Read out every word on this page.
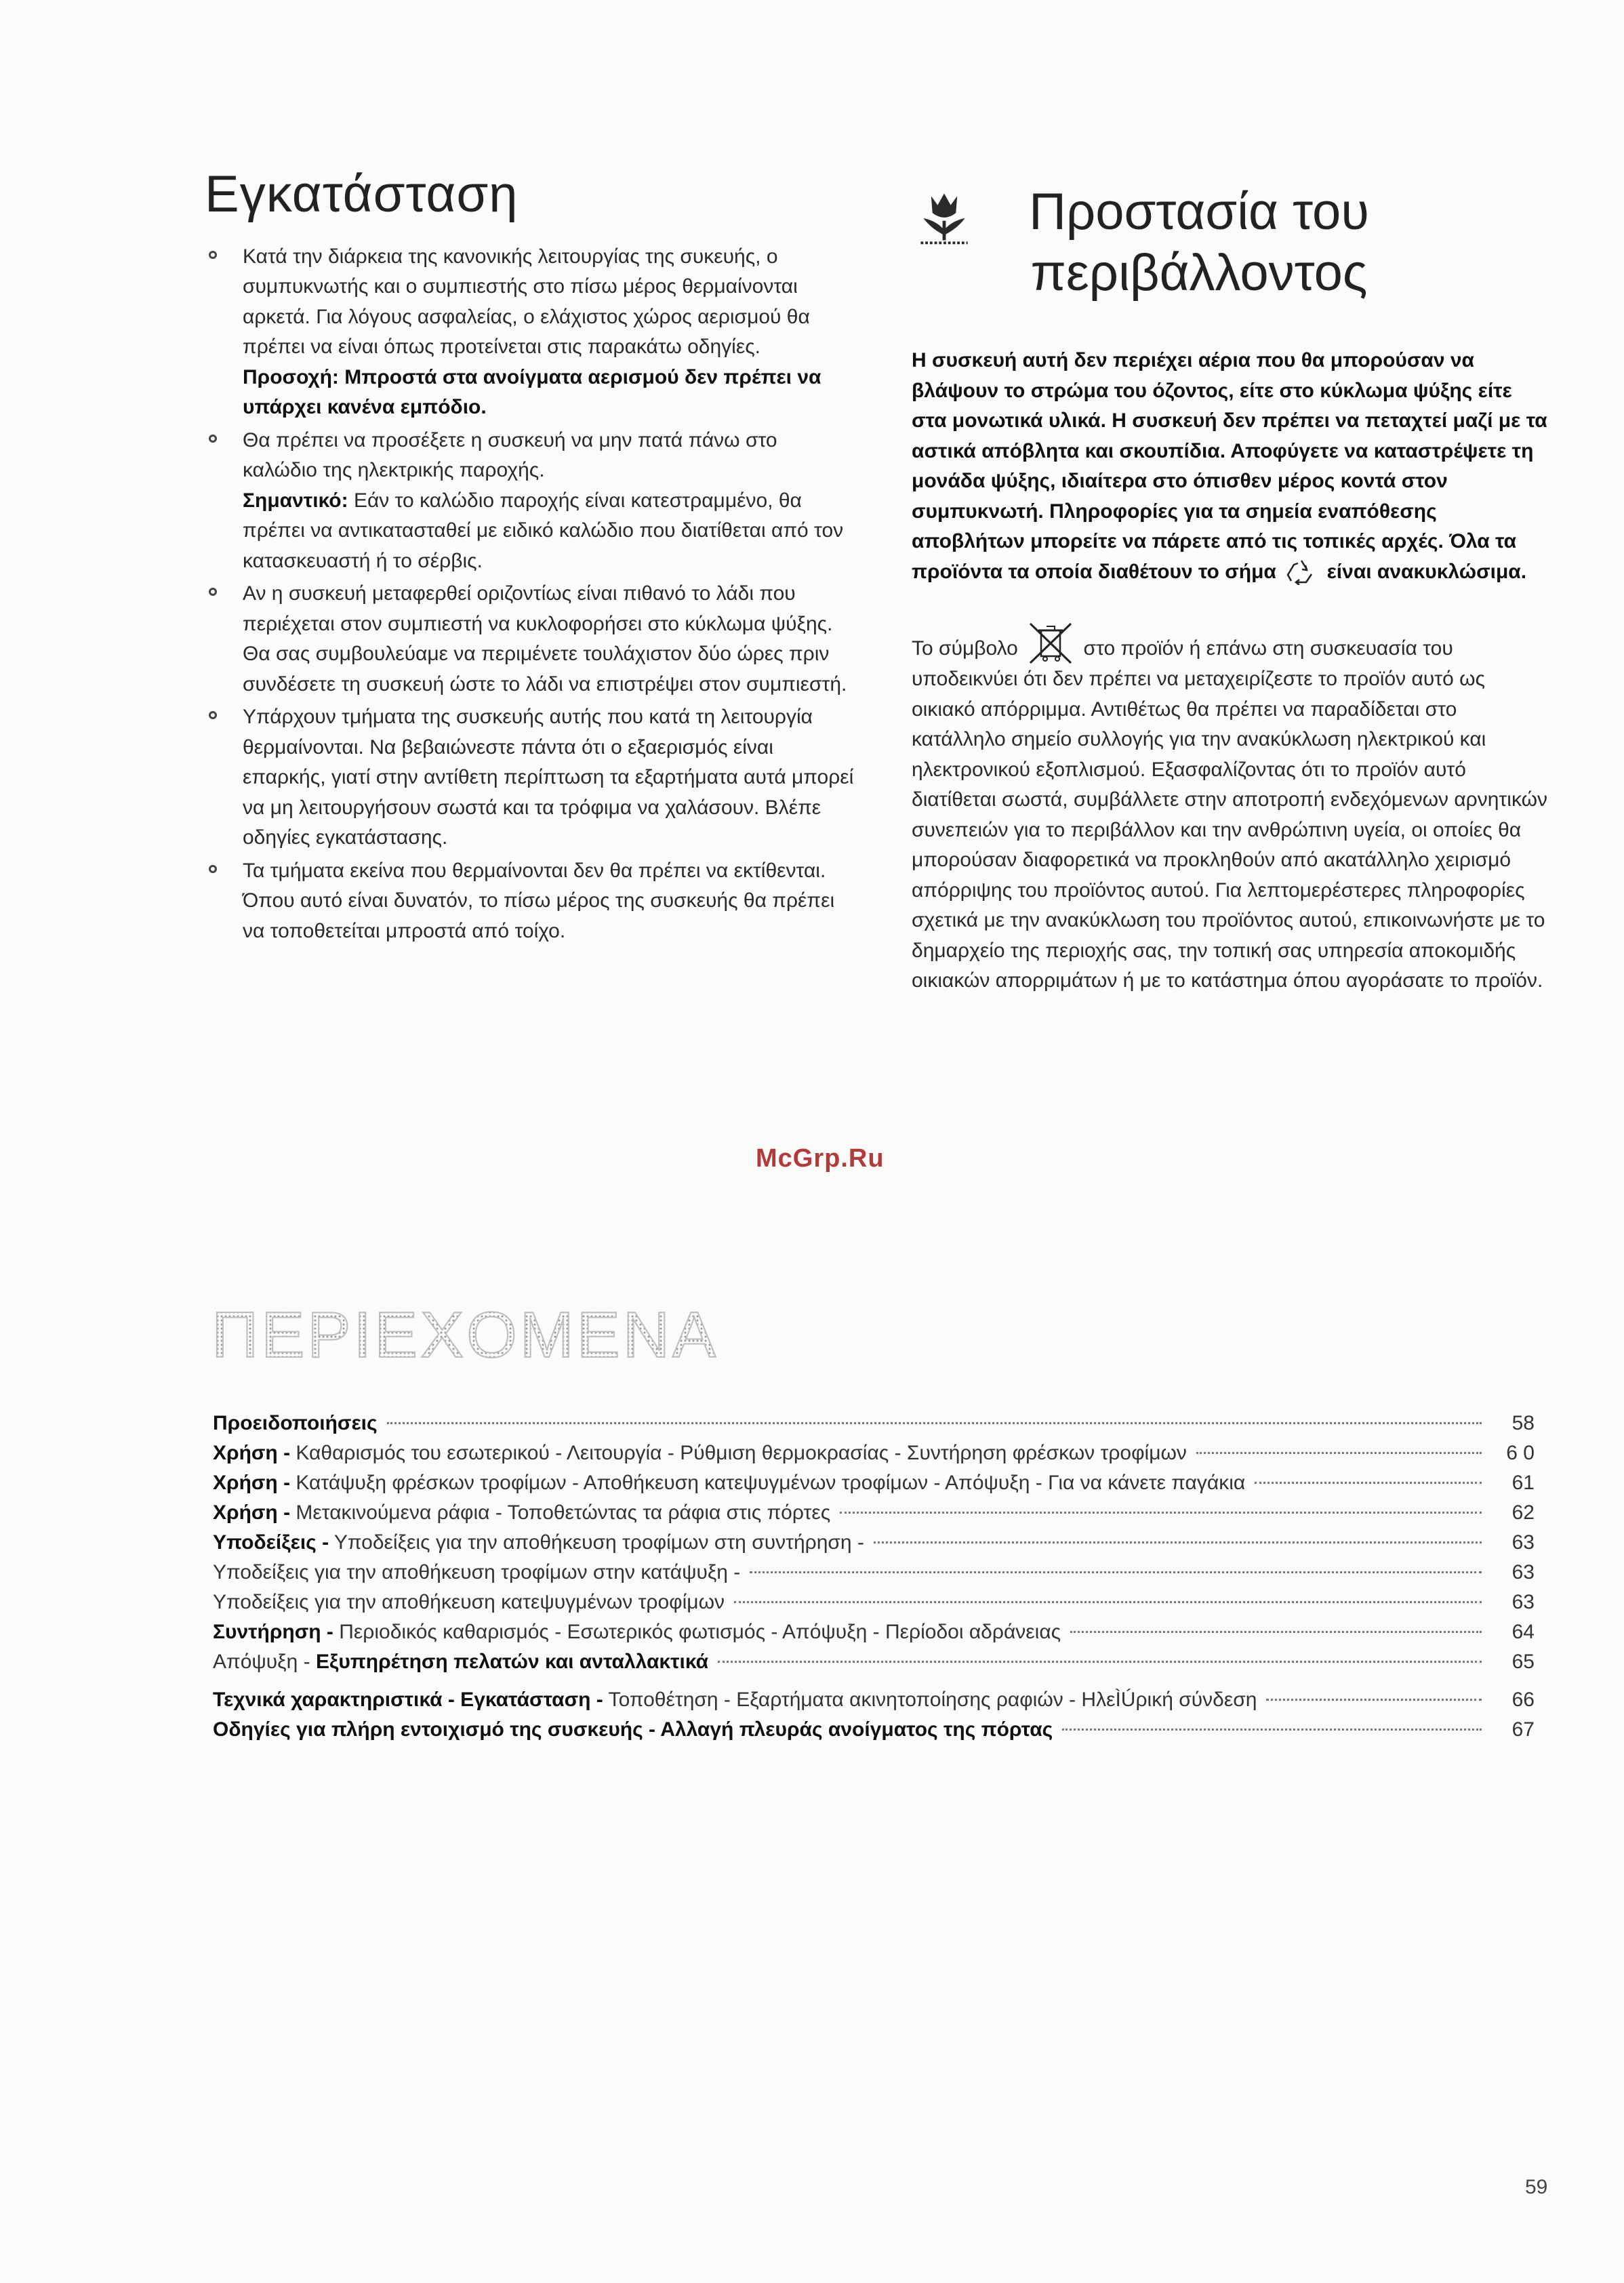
Εγκατάσταση
Κατά την διάρκεια της κανονικής λειτουργίας της συκευής, ο συμπυκνωτής και ο συμπιεστής στο πίσω μέρος θερμαίνονται αρκετά. Για λόγους ασφαλείας, ο ελάχιστος χώρος αερισμού θα πρέπει να είναι όπως προτείνεται στις παρακάτω οδηγίες.
Προσοχή: Μπροστά στα ανοίγματα αερισμού δεν πρέπει να υπάρχει κανένα εμπόδιο.
Θα πρέπει να προσέξετε η συσκευή να μην πατά πάνω στο καλώδιο της ηλεκτρικής παροχής.
Σημαντικό: Εάν το καλώδιο παροχής είναι κατεστραμμένο, θα πρέπει να αντικατασταθεί με ειδικό καλώδιο που διατίθεται από τον κατασκευαστή ή το σέρβις.
Αν η συσκευή μεταφερθεί οριζοντίως είναι πιθανό το λάδι που περιέχεται στον συμπιεστή να κυκλοφορήσει στο κύκλωμα ψύξης. Θα σας συμβουλεύαμε να περιμένετε τουλάχιστον δύο ώρες πριν συνδέσετε τη συσκευή ώστε το λάδι να επιστρέψει στον συμπιεστή.
Υπάρχουν τμήματα της συσκευής αυτής που κατά τη λειτουργία θερμαίνονται. Να βεβαιώνεστε πάντα ότι ο εξαερισμός είναι επαρκής, γιατί στην αντίθετη περίπτωση τα εξαρτήματα αυτά μπορεί να μη λειτουργήσουν σωστά και τα τρόφιμα να χαλάσουν. Βλέπε οδηγίες εγκατάστασης.
Τα τμήματα εκείνα που θερμαίνονται δεν θα πρέπει να εκτίθενται. Όπου αυτό είναι δυνατόν, το πίσω μέρος της συσκευής θα πρέπει να τοποθετείται μπροστά από τοίχο.
Προστασία του
περιβάλλοντος

Η συσκευή αυτή δεν περιέχει αέρια που θα μπορούσαν να βλάψουν το στρώμα του όζοντος, είτε στο κύκλωμα ψύξης είτε στα μονωτικά υλικά. Η συσκευή δεν πρέπει να πεταχτεί μαζί με τα αστικά απόβλητα και σκουπίδια. Αποφύγετε να καταστρέψετε τη μονάδα ψύξης, ιδιαίτερα στο όπισθεν μέρος κοντά στον συμπυκνωτή. Πληροφορίες για τα σημεία εναπόθεσης αποβλήτων μπορείτε να πάρετε από τις τοπικές αρχές. Όλα τα προϊόντα τα οποία διαθέτουν το σήμα είναι ανακυκλώσιμα.

Το σύμβολο	στο προϊόν ή επάνω στη συσκευασία του υποδεικνύει ότι δεν πρέπει να μεταχειρίζεστε το προϊόν αυτό ως οικιακό απόρριμμα. Αντιθέτως θα πρέπει να παραδίδεται στο κατάλληλο σημείο συλλογής για την ανακύκλωση ηλεκτρικού και ηλεκτρονικού εξοπλισμού. Εξασφαλίζοντας ότι το προϊόν αυτό διατίθεται σωστά, συμβάλλετε στην αποτροπή ενδεχόμενων αρνητικών συνεπειών για το περιβάλλον και την ανθρώπινη υγεία, οι οποίες θα μπορούσαν διαφορετικά να προκληθούν από ακατάλληλο χειρισμό απόρριψης του προϊόντος αυτού. Για λεπτομερέστερες πληροφορίες σχετικά με την ανακύκλωση του προϊόντος αυτού, επικοινωνήστε με το δημαρχείο της περιοχής σας, την τοπική σας υπηρεσία αποκομιδής οικιακών απορριμάτων ή με το κατάστημα όπου αγοράσατε το προϊόν.

McGrp.Ru
ΠΕΡΙΕΧΟΜΕΝΑ
Προειδοποιήσεις	58
Χρήση - Καθαρισμός του εσωτερικού - Λειτουργία - Ρύθμιση θερμοκρασίας - Συντήρηση φρέσκων τροφίμων	6 0
Χρήση - Κατάψυξη φρέσκων τροφίμων - Αποθήκευση κατεψυγμένων τροφίμων - Απόψυξη - Για να κάνετε παγάκια	61
Χρήση - Μετακινούμενα ράφια - Τοποθετώντας τα ράφια στις πόρτες	62
Υποδείξεις - Υποδείξεις για την αποθήκευση τροφίμων στη συντήρηση -	63
Υποδείξεις για την αποθήκευση τροφίμων στην κατάψυξη -	63
Υποδείξεις για την αποθήκευση κατεψυγμένων τροφίμων	63
Συντήρηση - Περιοδικός καθαρισμός - Εσωτερικός φωτισμός - Απόψυξη - Περίοδοι αδράνειας	64
Απόψυξη - Εξυπηρέτηση πελατών και ανταλλακτικά	65
Τεχνικά χαρακτηριστικά - Εγκατάσταση - Τοποθέτηση - Εξαρτήματα ακινητοποίησης ραφιών - ΗλεÌÚρική σύνδεση	66
Οδηγίες για πλήρη εντοιχισμό της συσκευής - Αλλαγή πλευράς ανοίγματος της πόρτας	67
59
